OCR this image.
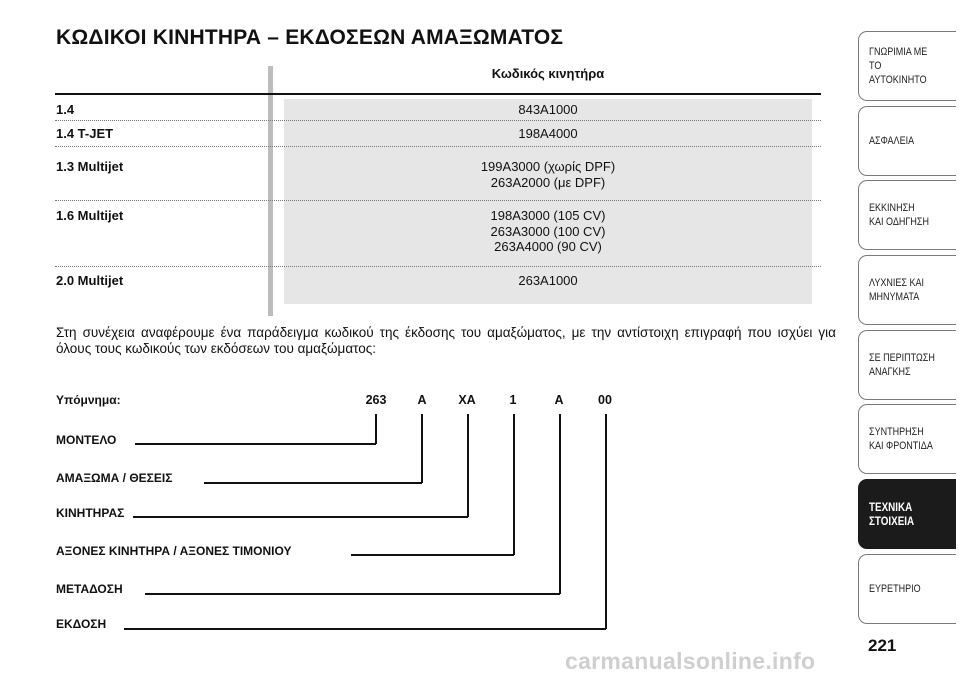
ΚΩΔΙΚΟΙ ΚΙΝΗΤΗΡΑ – ΕΚΔΟΣΕΩΝ ΑΜΑΞΩΜΑΤΟΣ
Κωδικός κινητήρα
1.4	843A1000
1.4 T-JET	198A4000
1.3 Multijet	199A3000 (χωρίς DPF)
263A2000 (με DPF)
1.6 Multijet	198A3000 (105 CV)
263A3000 (100 CV)
263A4000 (90 CV)
2.0 Multijet	263A1000
Στη συνέχεια αναφέρουμε ένα παράδειγμα κωδικού της έκδοσης του αμαξώματος, με την αντίστοιχη επιγραφή που ισχύει για όλους τους κωδικούς των εκδόσεων του αμαξώματος:
Υπόμνημα:	263	A	XA	1	A	00
ΜΟΝΤΕΛΟ
ΑΜΑΞΩΜΑ / ΘΕΣΕΙΣ
ΚΙΝΗΤΗΡΑΣ
ΑΞΟΝΕΣ ΚΙΝΗΤΗΡΑ / ΑΞΟΝΕΣ ΤΙΜΟΝΙΟΥ
ΜΕΤΑΔΟΣΗ
ΕΚΔΟΣΗ
ΓΝΩΡΙΜΙΑ ΜΕ
ΤΟ ΑΥΤΟΚΙΝΗΤΟ
ΑΣΦΑΛΕΙΑ
ΕΚΚΙΝΗΣΗ
ΚΑΙ ΟΔΗΓΗΣΗ
ΛΥΧΝΙΕΣ ΚΑΙ
ΜΗΝΥΜΑΤΑ
ΣΕ ΠΕΡΙΠΤΩΣΗ
ΑΝΑΓΚΗΣ
ΣΥΝΤΗΡΗΣΗ
ΚΑΙ ΦΡΟΝΤΙΔΑ
ΤΕΧΝΙΚΑ
ΣΤΟΙΧΕΙΑ
ΕΥΡΕΤΗΡΙΟ
221
carmanualsonline.info
